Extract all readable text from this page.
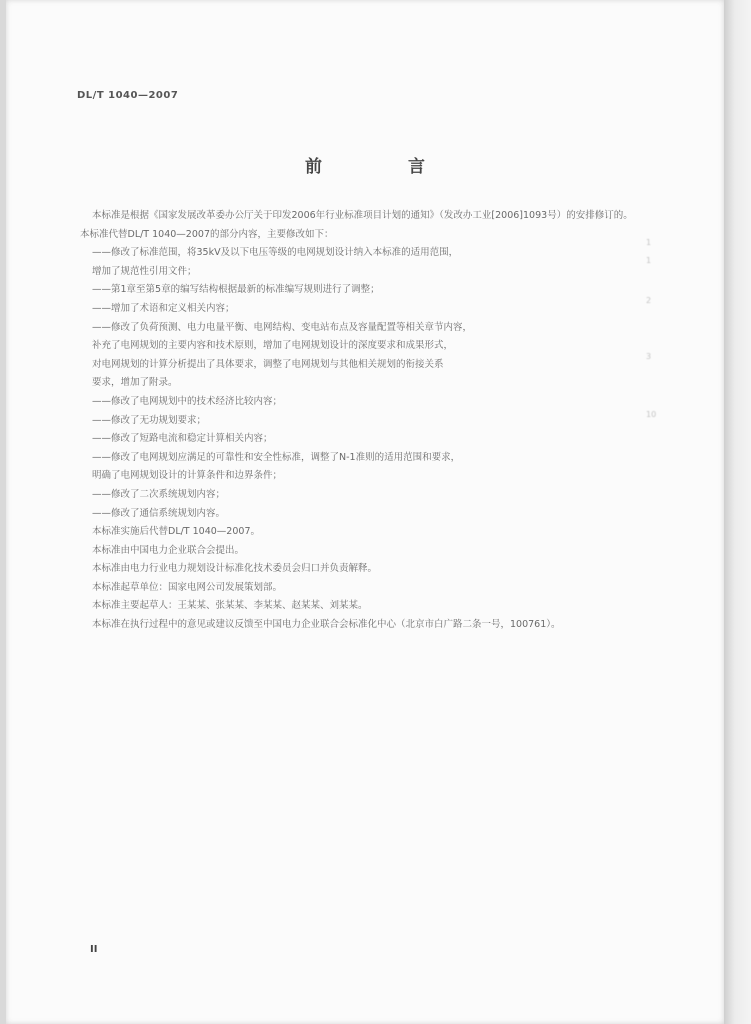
DL/T 1040—2007
前 言
1
1
2
3
10
本标准是根据《国家发展改革委办公厅关于印发2006年行业标准项目计划的通知》（发改办工业[2006]1093号）的安排修订的。
本标准代替DL/T 1040—2007的部分内容，主要修改如下：
——修改了标准范围，将35kV及以下电压等级的电网规划设计纳入本标准的适用范围，
增加了规范性引用文件；
——第1章至第5章的编写结构根据最新的标准编写规则进行了调整；
——增加了术语和定义相关内容；
——修改了负荷预测、电力电量平衡、电网结构、变电站布点及容量配置等相关章节内容，
补充了电网规划的主要内容和技术原则，增加了电网规划设计的深度要求和成果形式，
对电网规划的计算分析提出了具体要求，调整了电网规划与其他相关规划的衔接关系
要求，增加了附录。
——修改了电网规划中的技术经济比较内容；
——修改了无功规划要求；
——修改了短路电流和稳定计算相关内容；
——修改了电网规划应满足的可靠性和安全性标准，调整了N-1准则的适用范围和要求，
明确了电网规划设计的计算条件和边界条件；
——修改了二次系统规划内容；
——修改了通信系统规划内容。
本标准实施后代替DL/T 1040—2007。
本标准由中国电力企业联合会提出。
本标准由电力行业电力规划设计标准化技术委员会归口并负责解释。
本标准起草单位：国家电网公司发展策划部。
本标准主要起草人：王某某、张某某、李某某、赵某某、刘某某。
本标准在执行过程中的意见或建议反馈至中国电力企业联合会标准化中心（北京市白广路二条一号，100761）。
II
